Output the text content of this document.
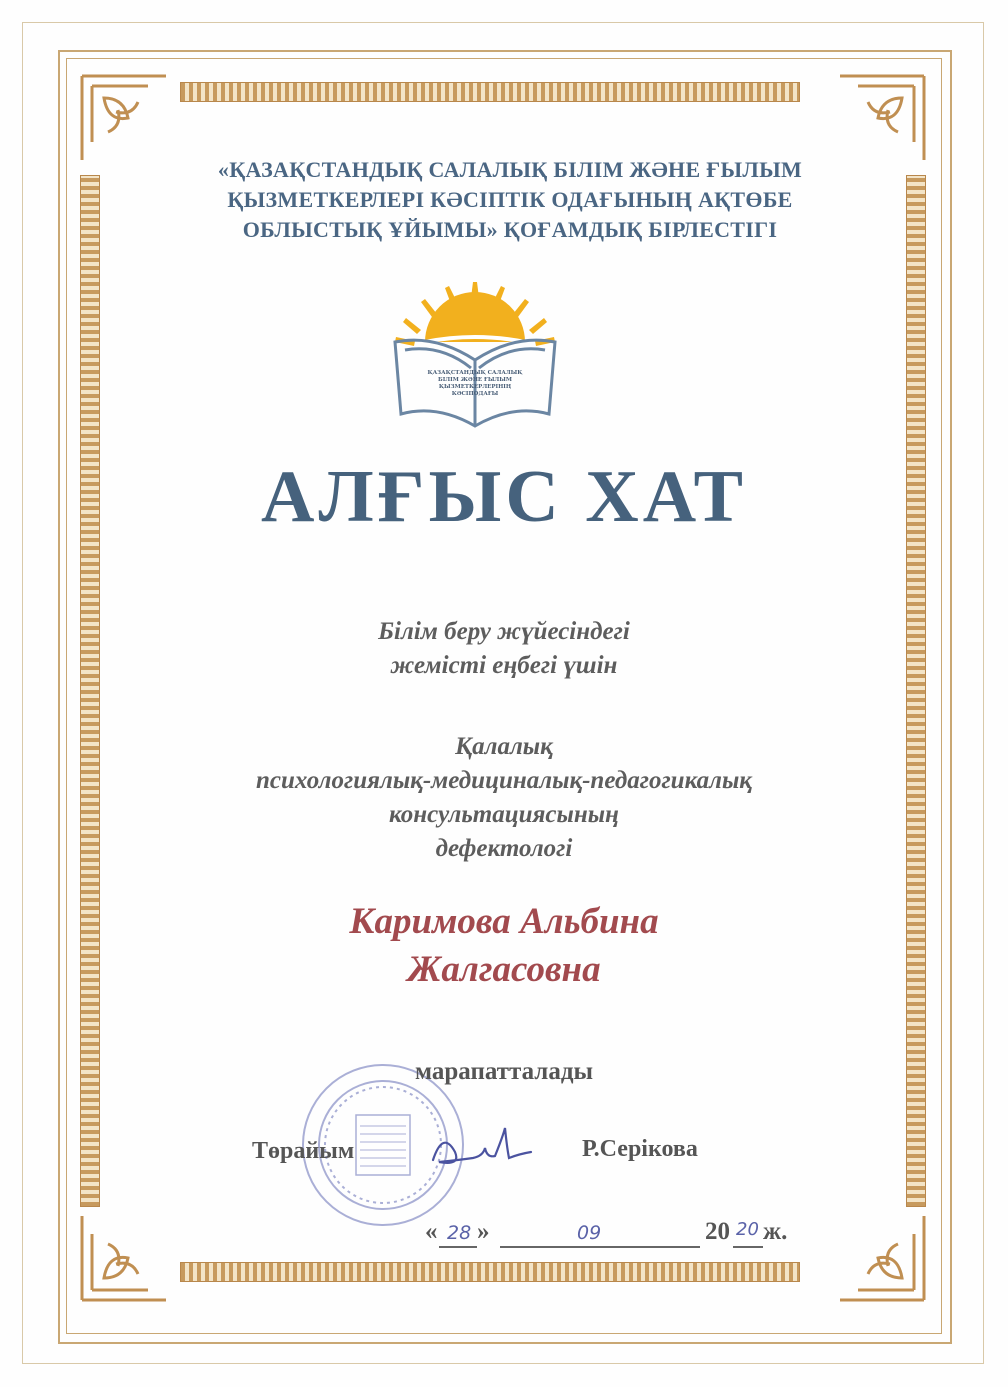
«ҚАЗАҚСТАНДЫҚ САЛАЛЫҚ БІЛІМ ЖӘНЕ ҒЫЛЫМ
ҚЫЗМЕТКЕРЛЕРІ КӘСІПТІК ОДАҒЫНЫҢ АҚТӨБЕ
ОБЛЫСТЫҚ ҰЙЫМЫ» ҚОҒАМДЫҚ БІРЛЕСТІГІ
ҚАЗАҚСТАНДЫҚ САЛАЛЫҚ
БІЛІМ ЖӘНЕ ҒЫЛЫМ
ҚЫЗМЕТКЕРЛЕРІНІҢ
КӘСІПОДАҒЫ
АЛҒЫС ХАТ
Білім беру жүйесіндегі
жемісті еңбегі үшін
Қалалық
психологиялық-медициналық-педагогикалық
консультациясының
дефектологі
Каримова Альбина
Жалгасовна
марапатталады
Төрайым	Р.Серікова
« 28 »	09	20 20 ж.
